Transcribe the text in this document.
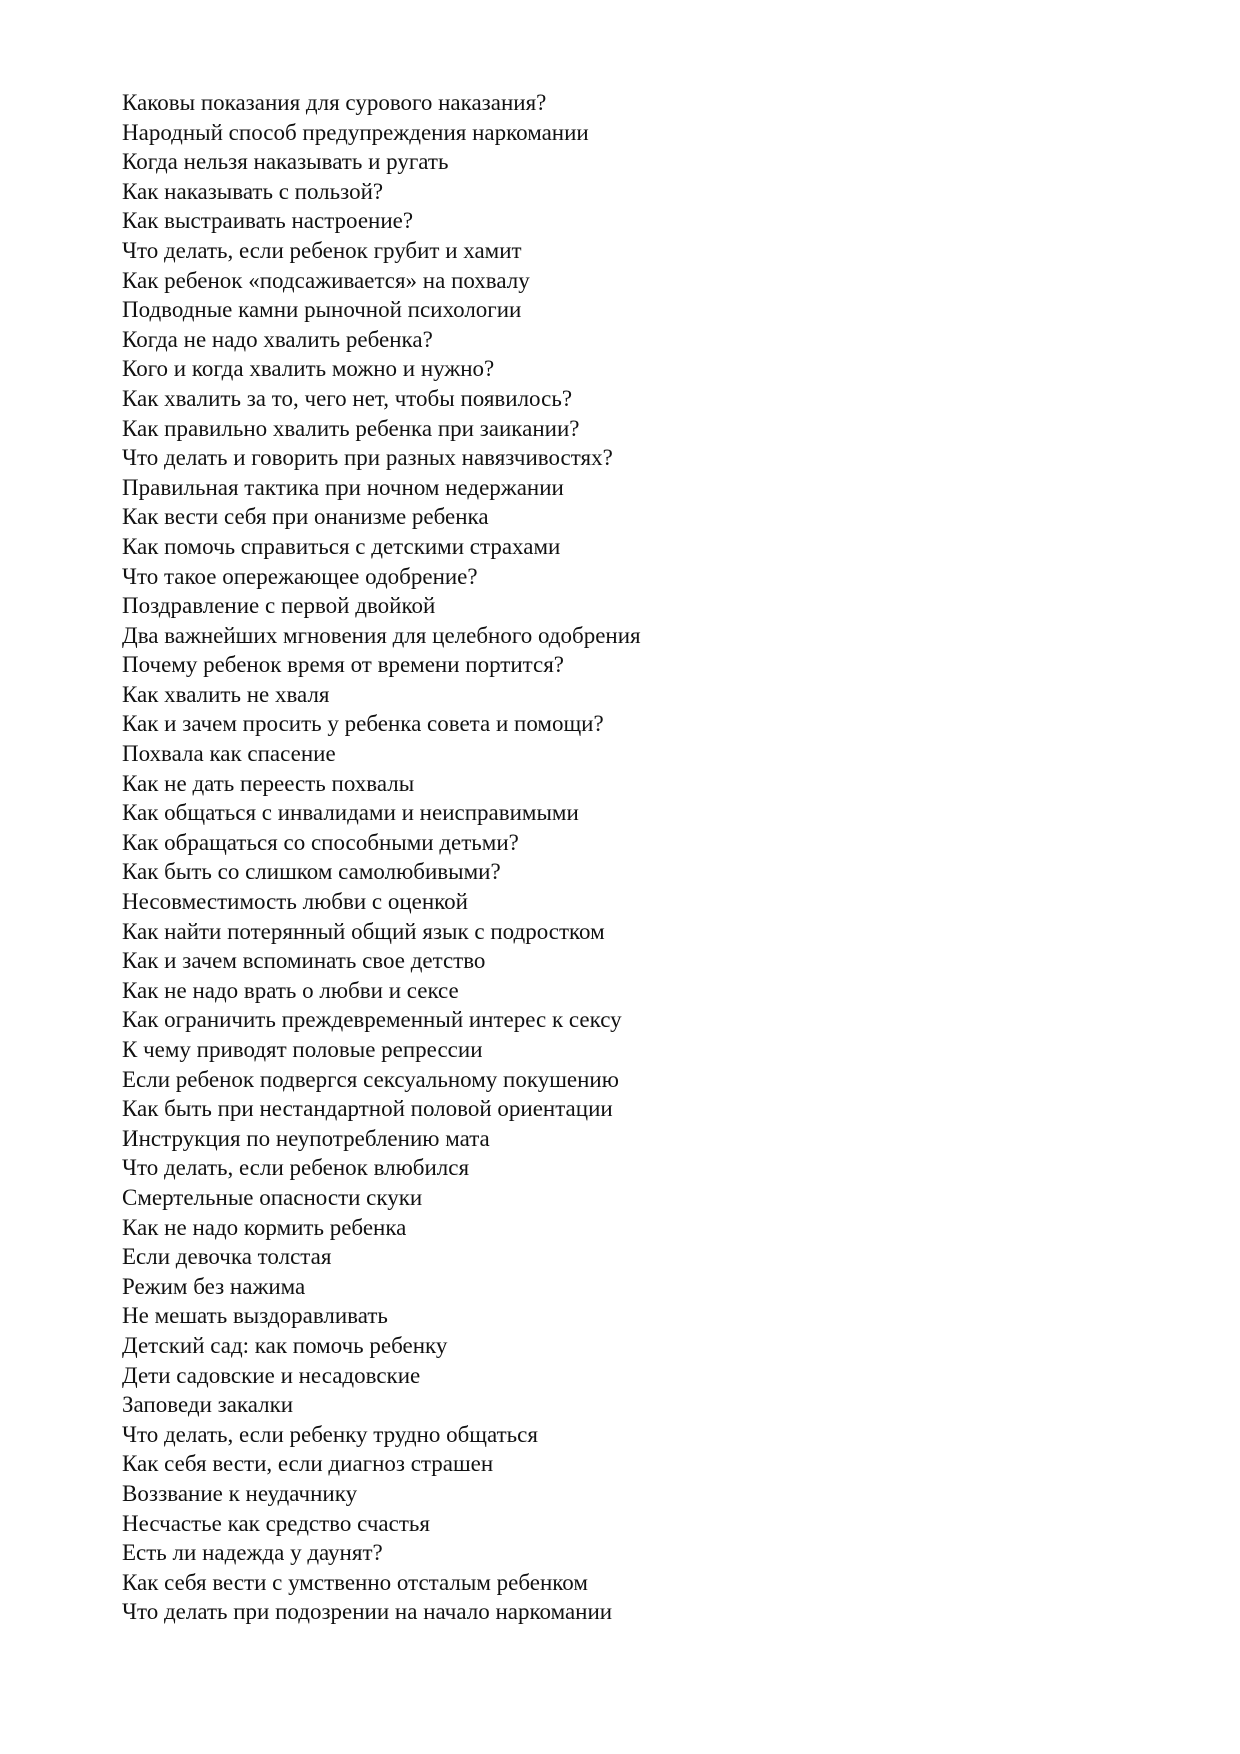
Каковы показания для сурового наказания?
Народный способ предупреждения наркомании
Когда нельзя наказывать и ругать
Как наказывать с пользой?
Как выстраивать настроение?
Что делать, если ребенок грубит и хамит
Как ребенок «подсаживается» на похвалу
Подводные камни рыночной психологии
Когда не надо хвалить ребенка?
Кого и когда хвалить можно и нужно?
Как хвалить за то, чего нет, чтобы появилось?
Как правильно хвалить ребенка при заикании?
Что делать и говорить при разных навязчивостях?
Правильная тактика при ночном недержании
Как вести себя при онанизме ребенка
Как помочь справиться с детскими страхами
Что такое опережающее одобрение?
Поздравление с первой двойкой
Два важнейших мгновения для целебного одобрения
Почему ребенок время от времени портится?
Как хвалить не хваля
Как и зачем просить у ребенка совета и помощи?
Похвала как спасение
Как не дать переесть похвалы
Как общаться с инвалидами и неисправимыми
Как обращаться со способными детьми?
Как быть со слишком самолюбивыми?
Несовместимость любви с оценкой
Как найти потерянный общий язык с подростком
Как и зачем вспоминать свое детство
Как не надо врать о любви и сексе
Как ограничить преждевременный интерес к сексу
К чему приводят половые репрессии
Если ребенок подвергся сексуальному покушению
Как быть при нестандартной половой ориентации
Инструкция по неупотреблению мата
Что делать, если ребенок влюбился
Смертельные опасности скуки
Как не надо кормить ребенка
Если девочка толстая
Режим без нажима
Не мешать выздоравливать
Детский сад: как помочь ребенку
Дети садовские и несадовские
Заповеди закалки
Что делать, если ребенку трудно общаться
Как себя вести, если диагноз страшен
Воззвание к неудачнику
Несчастье как средство счастья
Есть ли надежда у даунят?
Как себя вести с умственно отсталым ребенком
Что делать при подозрении на начало наркомании
